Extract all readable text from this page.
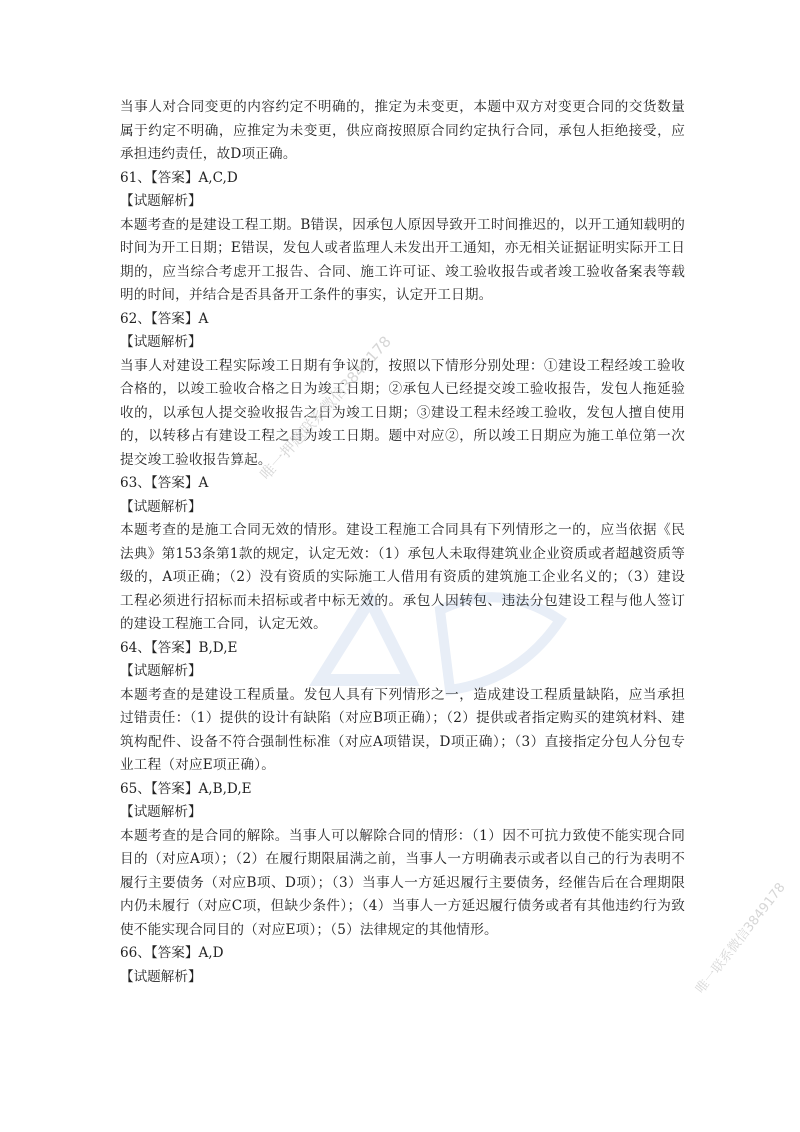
当事人对合同变更的内容约定不明确的，推定为未变更，本题中双方对变更合同的交货数量属于约定不明确，应推定为未变更，供应商按照原合同约定执行合同，承包人拒绝接受，应承担违约责任，故D项正确。

61、【答案】A,C,D

【试题解析】

本题考查的是建设工程工期。B错误，因承包人原因导致开工时间推迟的，以开工通知载明的时间为开工日期；E错误，发包人或者监理人未发出开工通知，亦无相关证据证明实际开工日期的，应当综合考虑开工报告、合同、施工许可证、竣工验收报告或者竣工验收备案表等载明的时间，并结合是否具备开工条件的事实，认定开工日期。

62、【答案】A

【试题解析】

当事人对建设工程实际竣工日期有争议的，按照以下情形分别处理：①建设工程经竣工验收合格的，以竣工验收合格之日为竣工日期；②承包人已经提交竣工验收报告，发包人拖延验收的，以承包人提交验收报告之日为竣工日期；③建设工程未经竣工验收，发包人擅自使用的，以转移占有建设工程之日为竣工日期。题中对应②，所以竣工日期应为施工单位第一次提交竣工验收报告算起。

63、【答案】A

【试题解析】

本题考查的是施工合同无效的情形。建设工程施工合同具有下列情形之一的，应当依据《民法典》第153条第1款的规定，认定无效：（1）承包人未取得建筑业企业资质或者超越资质等级的，A项正确；（2）没有资质的实际施工人借用有资质的建筑施工企业名义的；（3）建设工程必须进行招标而未招标或者中标无效的。承包人因转包、违法分包建设工程与他人签订的建设工程施工合同，认定无效。

64、【答案】B,D,E

【试题解析】

本题考查的是建设工程质量。发包人具有下列情形之一，造成建设工程质量缺陷，应当承担过错责任：（1）提供的设计有缺陷（对应B项正确）；（2）提供或者指定购买的建筑材料、建筑构配件、设备不符合强制性标准（对应A项错误，D项正确）；（3）直接指定分包人分包专业工程（对应E项正确）。

65、【答案】A,B,D,E

【试题解析】

本题考查的是合同的解除。当事人可以解除合同的情形：（1）因不可抗力致使不能实现合同目的（对应A项）；（2）在履行期限届满之前，当事人一方明确表示或者以自己的行为表明不履行主要债务（对应B项、D项）；（3）当事人一方延迟履行主要债务，经催告后在合理期限内仍未履行（对应C项，但缺少条件）；（4）当事人一方延迟履行债务或者有其他违约行为致使不能实现合同目的（对应E项）；（5）法律规定的其他情形。

66、【答案】A,D

【试题解析】

唯一押题联系微信3849178
唯一联系微信3849178
